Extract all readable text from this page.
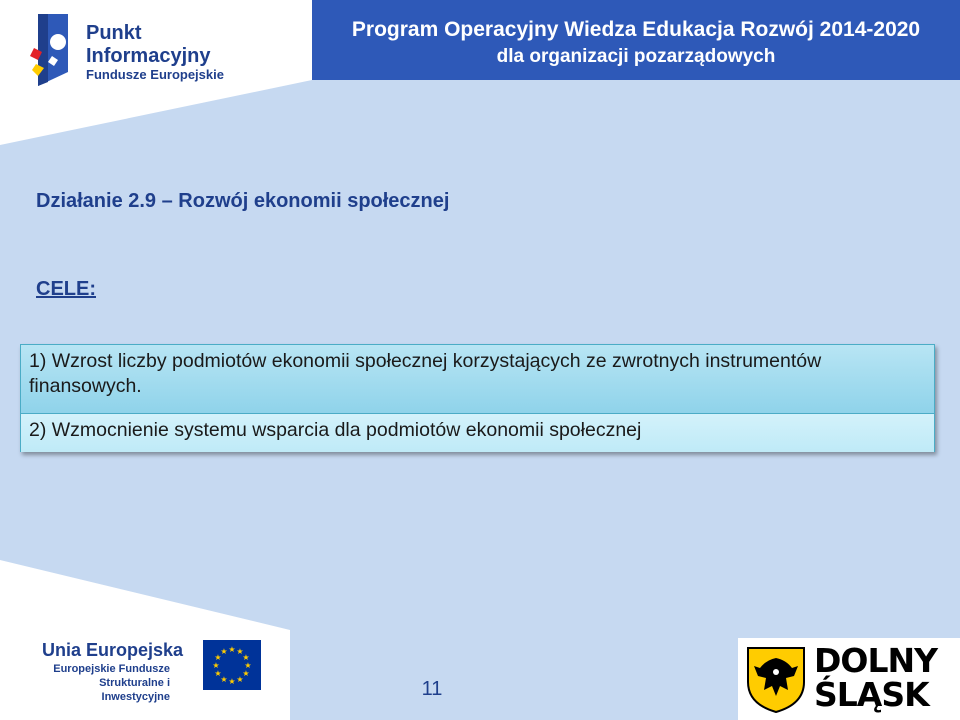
Punkt
Informacyjny
Fundusze Europejskie
Program Operacyjny Wiedza Edukacja Rozwój 2014-2020
dla organizacji pozarządowych
Działanie 2.9 – Rozwój ekonomii społecznej
CELE:
1) Wzrost liczby podmiotów ekonomii społecznej korzystających ze zwrotnych instrumentów finansowych.
2) Wzmocnienie systemu wsparcia dla podmiotów ekonomii społecznej
Unia Europejska
Europejskie Fundusze
Strukturalne i Inwestycyjne
★ ★
★
★
★
★
★
★
★
★
★
★
11
DOLNY
ŚLĄSK
